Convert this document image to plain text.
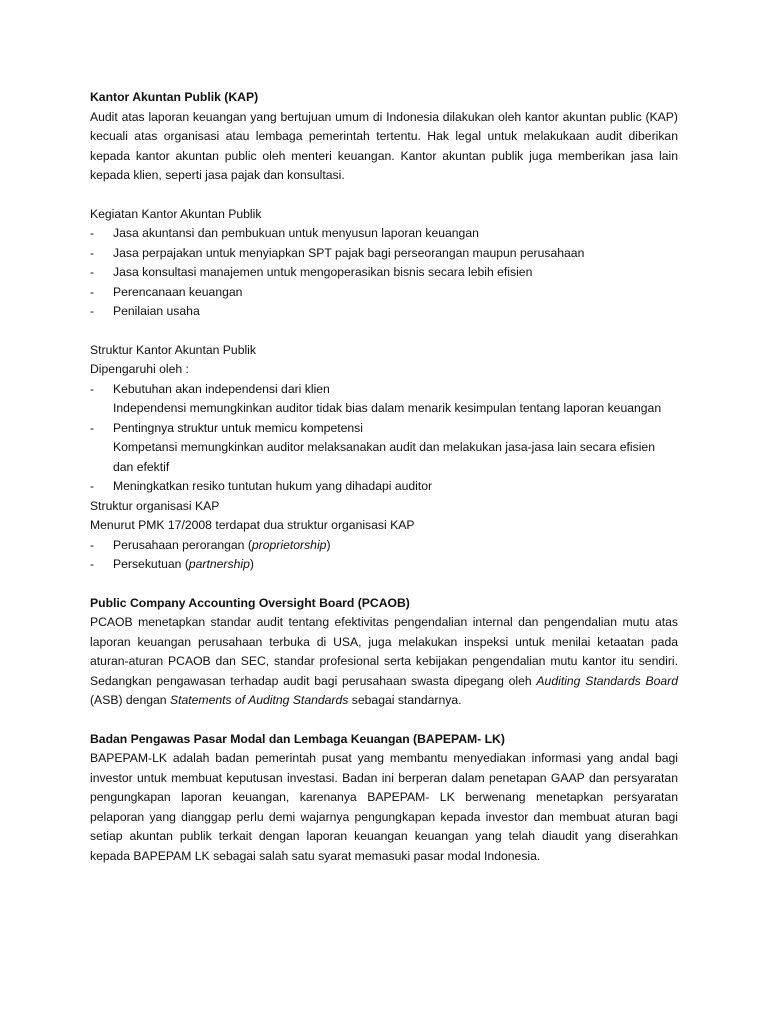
Kantor Akuntan Publik (KAP)
Audit atas laporan keuangan yang bertujuan umum di Indonesia dilakukan oleh kantor akuntan public (KAP) kecuali atas organisasi atau lembaga pemerintah tertentu. Hak legal untuk melakukaan audit diberikan kepada kantor akuntan public oleh menteri keuangan. Kantor akuntan publik juga memberikan jasa lain kepada klien, seperti jasa pajak dan konsultasi.
Kegiatan Kantor Akuntan Publik
- Jasa akuntansi dan pembukuan untuk menyusun laporan keuangan
- Jasa perpajakan untuk menyiapkan SPT pajak bagi perseorangan maupun perusahaan
- Jasa konsultasi manajemen untuk mengoperasikan bisnis secara lebih efisien
- Perencanaan keuangan
- Penilaian usaha
Struktur Kantor Akuntan Publik
Dipengaruhi oleh :
- Kebutuhan akan independensi dari klien
Independensi memungkinkan auditor tidak bias dalam menarik kesimpulan tentang laporan keuangan
- Pentingnya struktur untuk memicu kompetensi
Kompetansi memungkinkan auditor melaksanakan audit dan melakukan jasa-jasa lain secara efisien dan efektif
- Meningkatkan resiko tuntutan hukum yang dihadapi auditor
Struktur organisasi KAP
Menurut PMK 17/2008 terdapat dua struktur organisasi KAP
- Perusahaan perorangan (proprietorship)
- Persekutuan (partnership)
Public Company Accounting Oversight Board (PCAOB)
PCAOB menetapkan standar audit tentang efektivitas pengendalian internal dan pengendalian mutu atas laporan keuangan perusahaan terbuka di USA, juga melakukan inspeksi untuk menilai ketaatan pada aturan-aturan PCAOB dan SEC, standar profesional serta kebijakan pengendalian mutu kantor itu sendiri. Sedangkan pengawasan terhadap audit bagi perusahaan swasta dipegang oleh Auditing Standards Board (ASB) dengan Statements of Auditng Standards sebagai standarnya.
Badan Pengawas Pasar Modal dan Lembaga Keuangan (BAPEPAM- LK)
BAPEPAM-LK adalah badan pemerintah pusat yang membantu menyediakan informasi yang andal bagi investor untuk membuat keputusan investasi. Badan ini berperan dalam penetapan GAAP dan persyaratan pengungkapan laporan keuangan, karenanya BAPEPAM- LK berwenang menetapkan persyaratan pelaporan yang dianggap perlu demi wajarnya pengungkapan kepada investor dan membuat aturan bagi setiap akuntan publik terkait dengan laporan keuangan keuangan yang telah diaudit yang diserahkan kepada BAPEPAM LK sebagai salah satu syarat memasuki pasar modal Indonesia.
